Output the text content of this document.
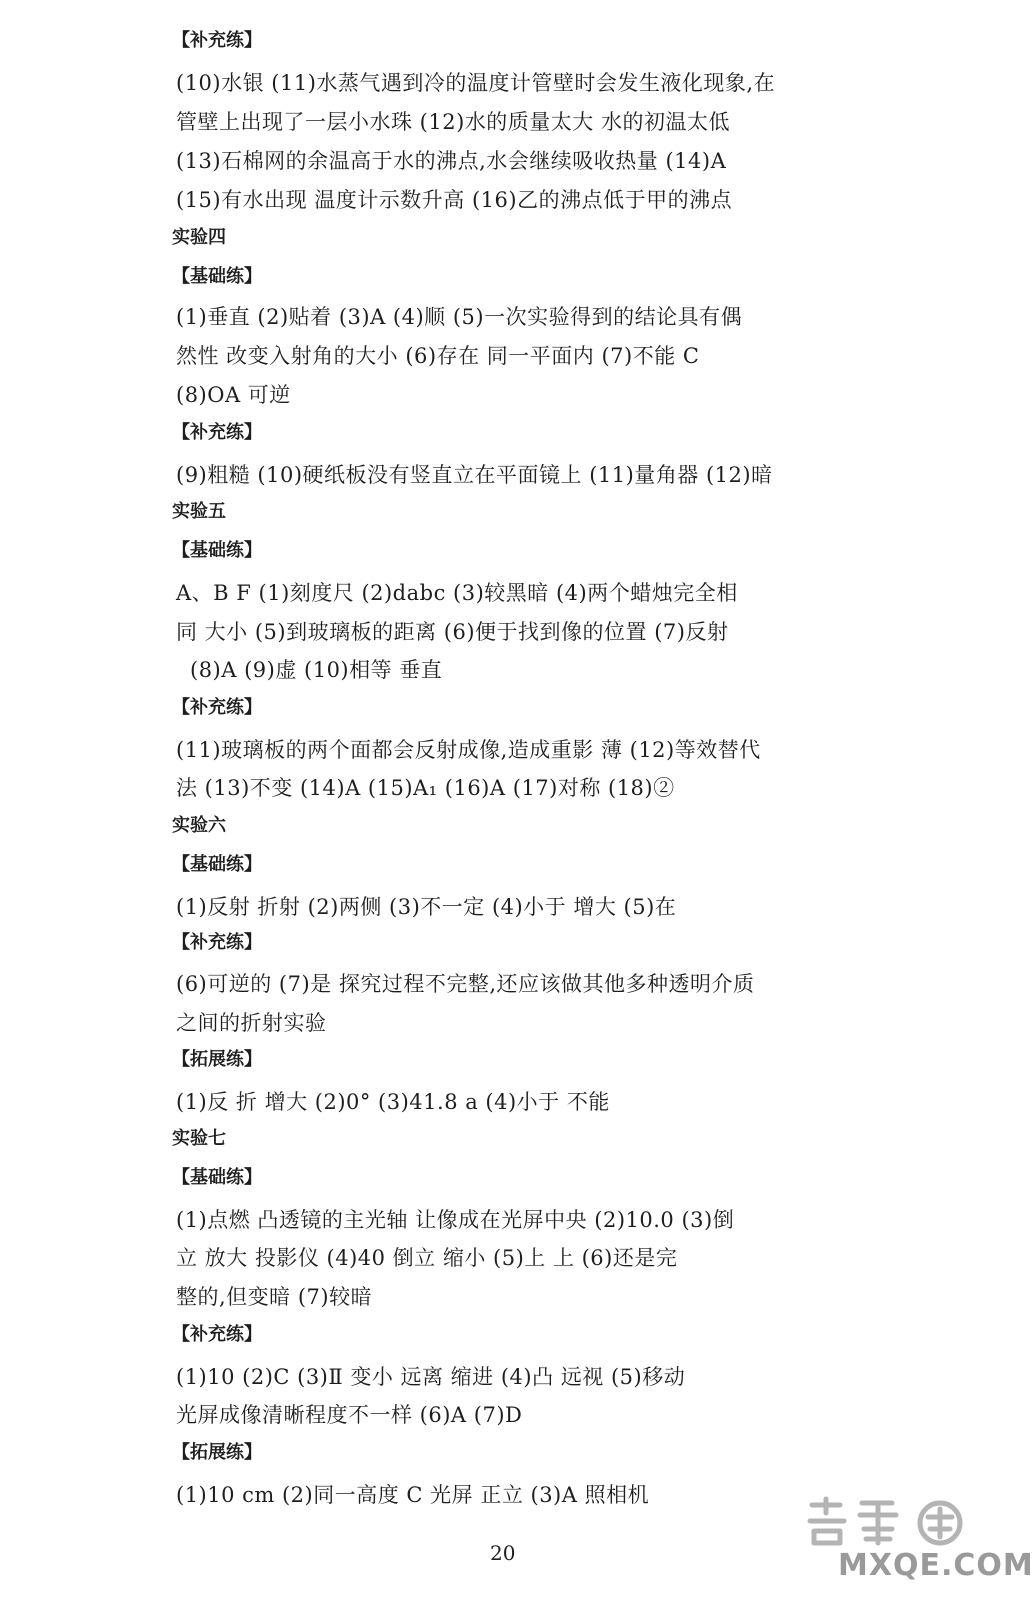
【补充练】
(10)水银 (11)水蒸气遇到冷的温度计管壁时会发生液化现象,在
管壁上出现了一层小水珠 (12)水的质量太大 水的初温太低
(13)石棉网的余温高于水的沸点,水会继续吸收热量 (14)A
(15)有水出现 温度计示数升高 (16)乙的沸点低于甲的沸点
实验四
【基础练】
(1)垂直 (2)贴着 (3)A (4)顺 (5)一次实验得到的结论具有偶
然性 改变入射角的大小 (6)存在 同一平面内 (7)不能 C
(8)OA 可逆
【补充练】
(9)粗糙 (10)硬纸板没有竖直立在平面镜上 (11)量角器 (12)暗
实验五
【基础练】
A、B F (1)刻度尺 (2)dabc (3)较黑暗 (4)两个蜡烛完全相
同 大小 (5)到玻璃板的距离 (6)便于找到像的位置 (7)反射
(8)A (9)虚 (10)相等 垂直
【补充练】
(11)玻璃板的两个面都会反射成像,造成重影 薄 (12)等效替代
法 (13)不变 (14)A (15)A₁ (16)A (17)对称 (18)②
实验六
【基础练】
(1)反射 折射 (2)两侧 (3)不一定 (4)小于 增大 (5)在
【补充练】
(6)可逆的 (7)是 探究过程不完整,还应该做其他多种透明介质
之间的折射实验
【拓展练】
(1)反 折 增大 (2)0° (3)41.8 a (4)小于 不能
实验七
【基础练】
(1)点燃 凸透镜的主光轴 让像成在光屏中央 (2)10.0 (3)倒
立 放大 投影仪 (4)40 倒立 缩小 (5)上 上 (6)还是完
整的,但变暗 (7)较暗
【补充练】
(1)10 (2)C (3)Ⅱ 变小 远离 缩进 (4)凸 远视 (5)移动
光屏成像清晰程度不一样 (6)A (7)D
【拓展练】
(1)10 cm (2)同一高度 C 光屏 正立 (3)A 照相机
20	MXQE.COM
